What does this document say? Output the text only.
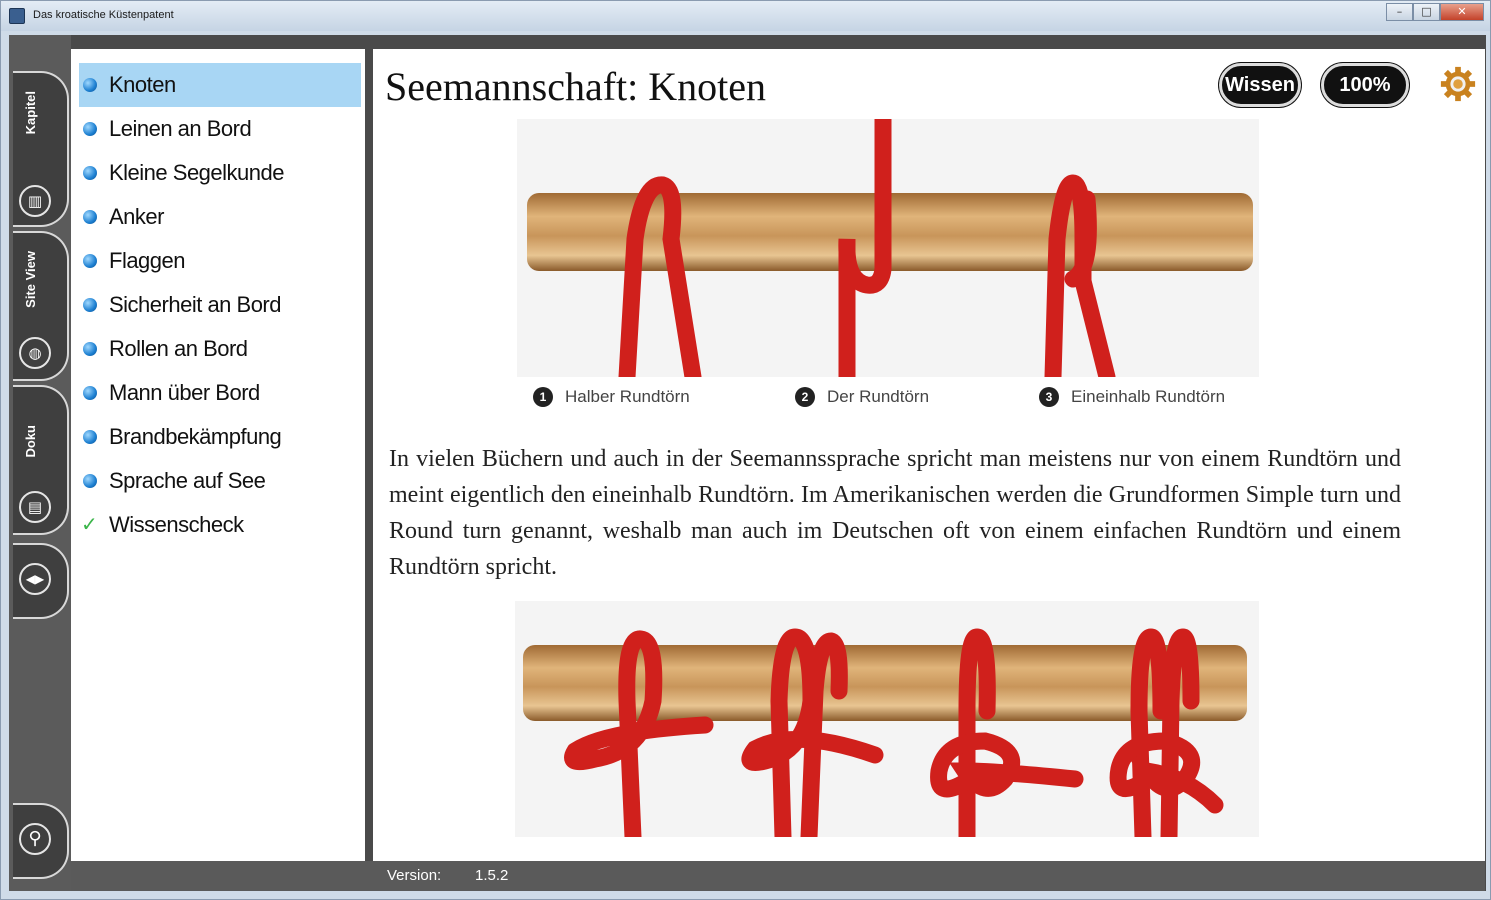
Das kroatische Küstenpatent	–	□	✕
Kapitel
▥
Site View
◍
Doku
▤
◀▶
⚲
Knoten
Leinen an Bord
Kleine Segelkunde
Anker
Flaggen
Sicherheit an Bord
Rollen an Bord
Mann über Bord
Brandbekämpfung
Sprache auf See
✓ Wissenscheck
Seemannschaft: Knoten	Wissen	100%
1 Halber Rundtörn	2 Der Rundtörn	3 Eineinhalb Rundtörn
In vielen Büchern und auch in der Seemannssprache spricht man meistens nur von einem Rundtörn und meint eigentlich den eineinhalb Rundtörn. Im Amerikanischen werden die Grundformen Simple turn und Round turn genannt, weshalb man auch im Deutschen oft von einem einfachen Rundtörn und einem Rundtörn spricht.
Version: 1.5.2
